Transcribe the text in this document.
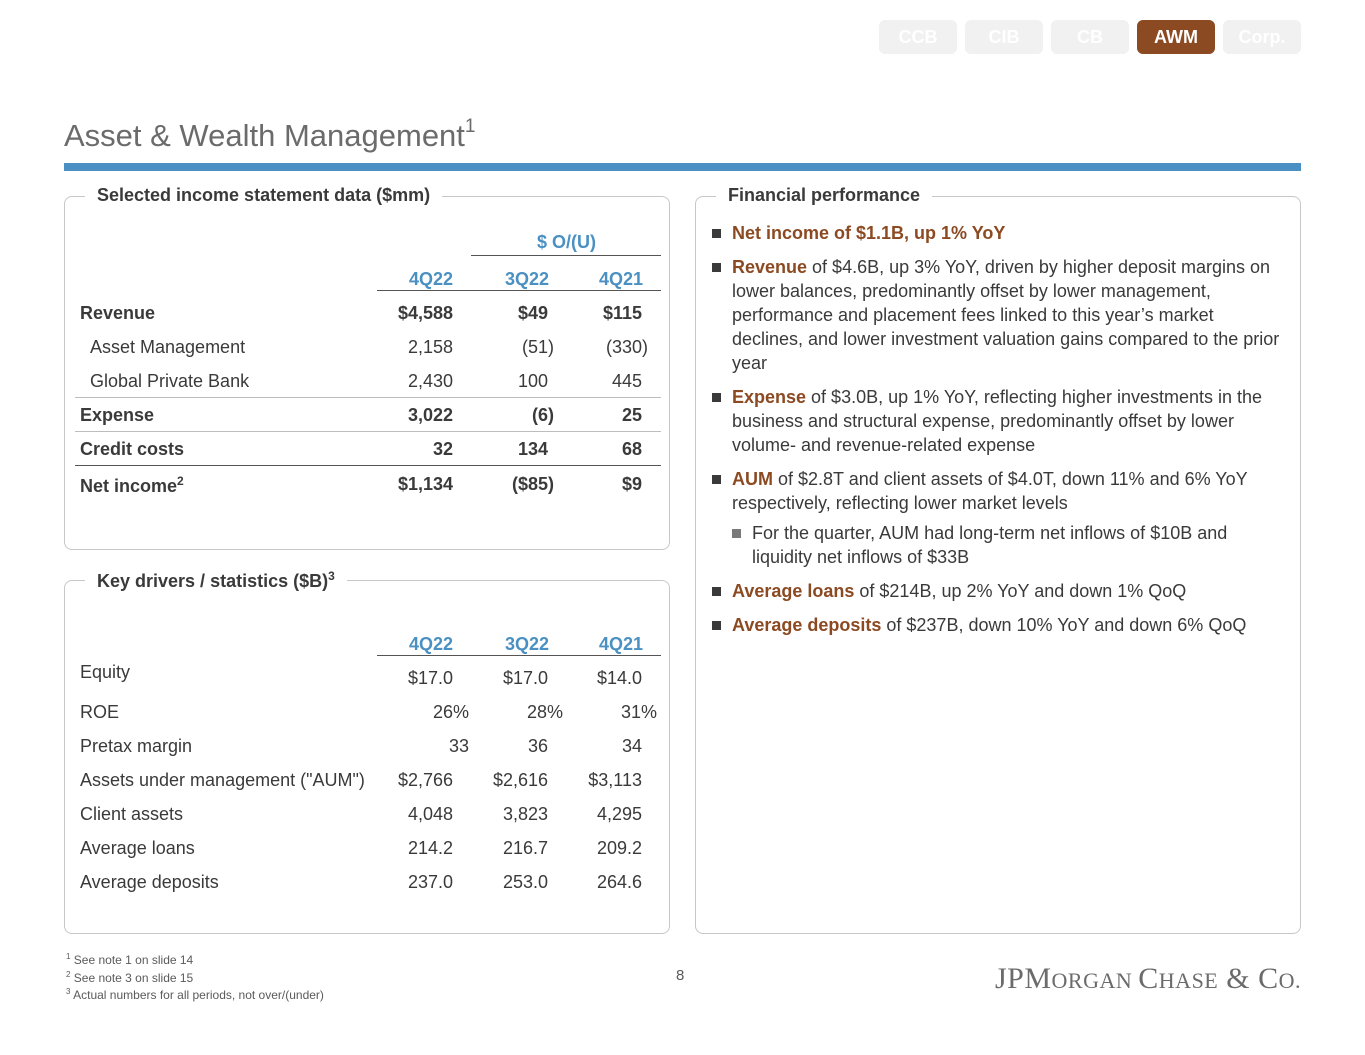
CCB	CIB	CB	AWM	Corp.
Asset & Wealth Management$^1$
Selected income statement data ($mm)
$ O/(U)
4Q22	3Q22	4Q21
Revenue	$4,588	$49	$115
Asset Management	2,158	(51)	(330)
Global Private Bank	2,430	100	445
Expense	3,022	(6)	25
Credit costs	32	134	68
Net income$^2$	$1,134	($85)	$9
Key drivers / statistics ($B)$^3$
4Q22	3Q22	4Q21
Equity	$17.0	$17.0	$14.0
ROE	26%	28%	31%
Pretax margin	33	36	34
Assets under management ("AUM")	$2,766	$2,616	$3,113
Client assets	4,048	3,823	4,295
Average loans	214.2	216.7	209.2
Average deposits	237.0	253.0	264.6
Financial performance
Net income of $1.1B, up 1% YoY
Revenue of $4.6B, up 3% YoY, driven by higher deposit margins on lower balances, predominantly offset by lower management, performance and placement fees linked to this year’s market declines, and lower investment valuation gains compared to the prior year
Expense of $3.0B, up 1% YoY, reflecting higher investments in the business and structural expense, predominantly offset by lower volume- and revenue-related expense
AUM of $2.8T and client assets of $4.0T, down 11% and 6% YoY respectively, reflecting lower market levels
For the quarter, AUM had long-term net inflows of $10B and liquidity net inflows of $33B
Average loans of $214B, up 2% YoY and down 1% QoQ
Average deposits of $237B, down 10% YoY and down 6% QoQ
$^1$ See note 1 on slide 14
$^2$ See note 3 on slide 15
$^3$ Actual numbers for all periods, not over/(under)
8	JPMORGAN CHASE & CO.
